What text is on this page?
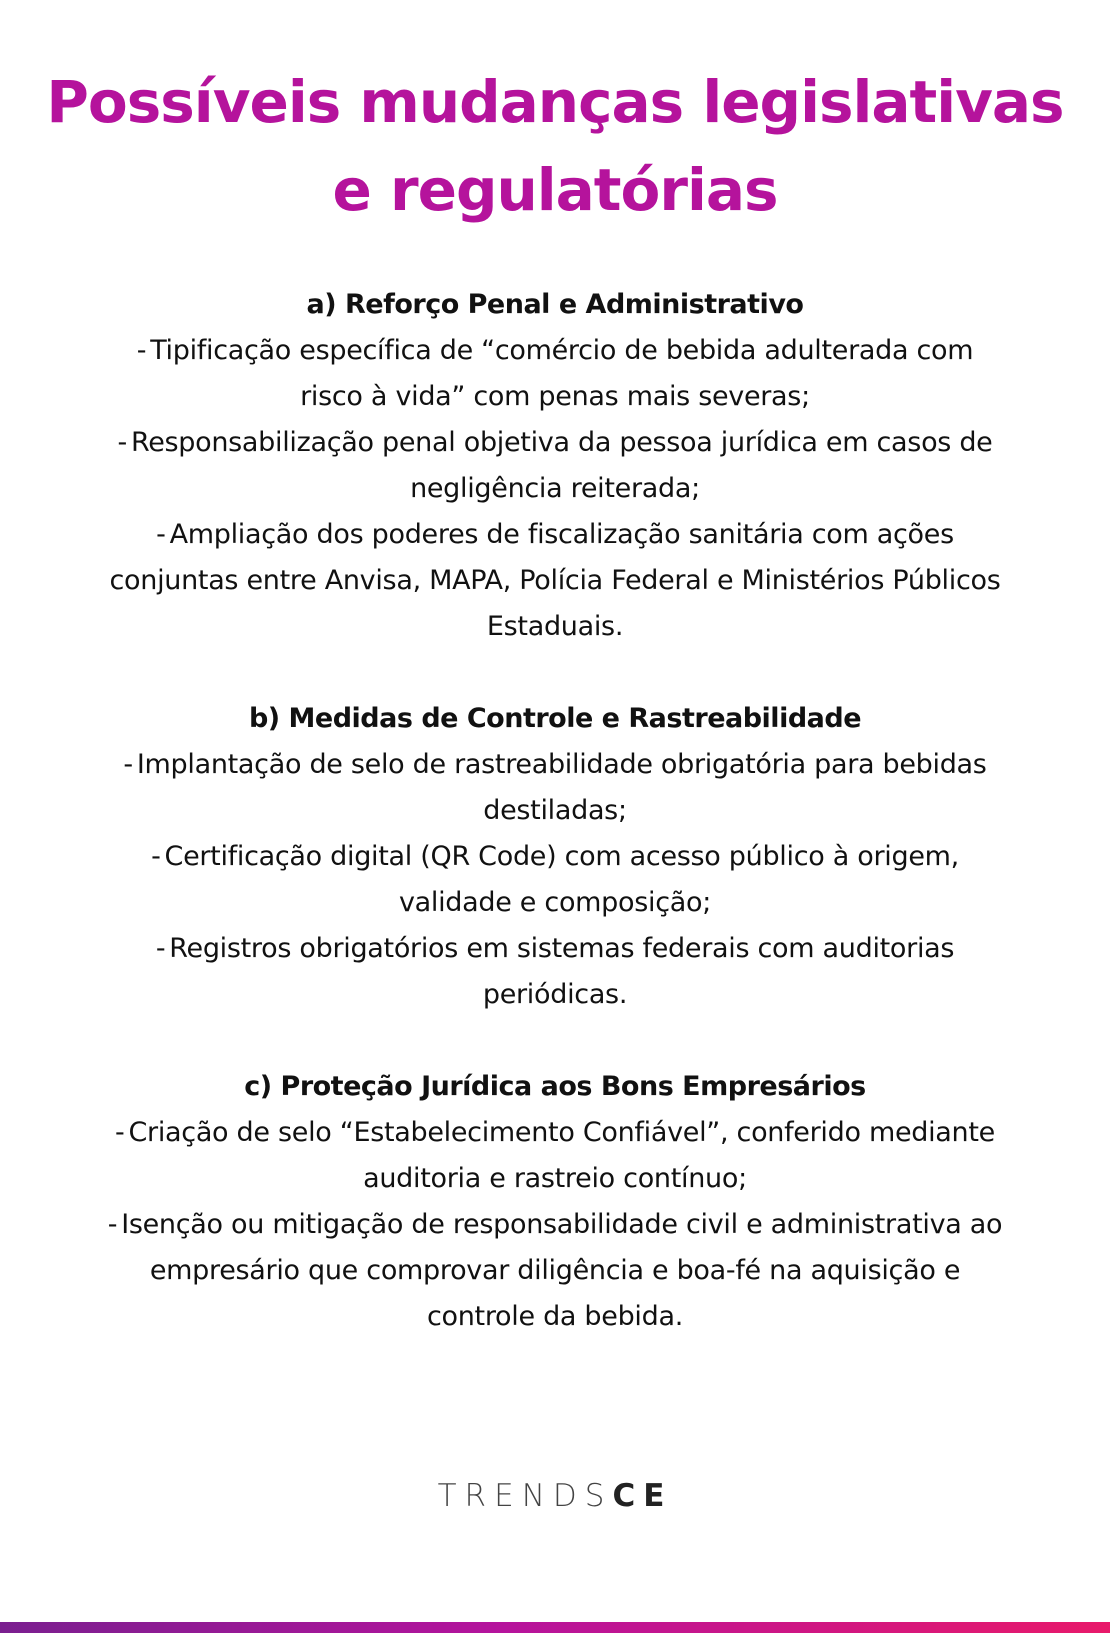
Possíveis mudanças legislativas
e regulatórias
a) Reforço Penal e Administrativo
- Tipificação específica de “comércio de bebida adulterada com risco à vida” com penas mais severas;
- Responsabilização penal objetiva da pessoa jurídica em casos de negligência reiterada;
- Ampliação dos poderes de fiscalização sanitária com ações conjuntas entre Anvisa, MAPA, Polícia Federal e Ministérios Públicos Estaduais.
b) Medidas de Controle e Rastreabilidade
- Implantação de selo de rastreabilidade obrigatória para bebidas destiladas;
- Certificação digital (QR Code) com acesso público à origem, validade e composição;
- Registros obrigatórios em sistemas federais com auditorias periódicas.
c) Proteção Jurídica aos Bons Empresários
- Criação de selo “Estabelecimento Confiável”, conferido mediante auditoria e rastreio contínuo;
- Isenção ou mitigação de responsabilidade civil e administrativa ao empresário que comprovar diligência e boa-fé na aquisição e controle da bebida.
TRENDSCE
